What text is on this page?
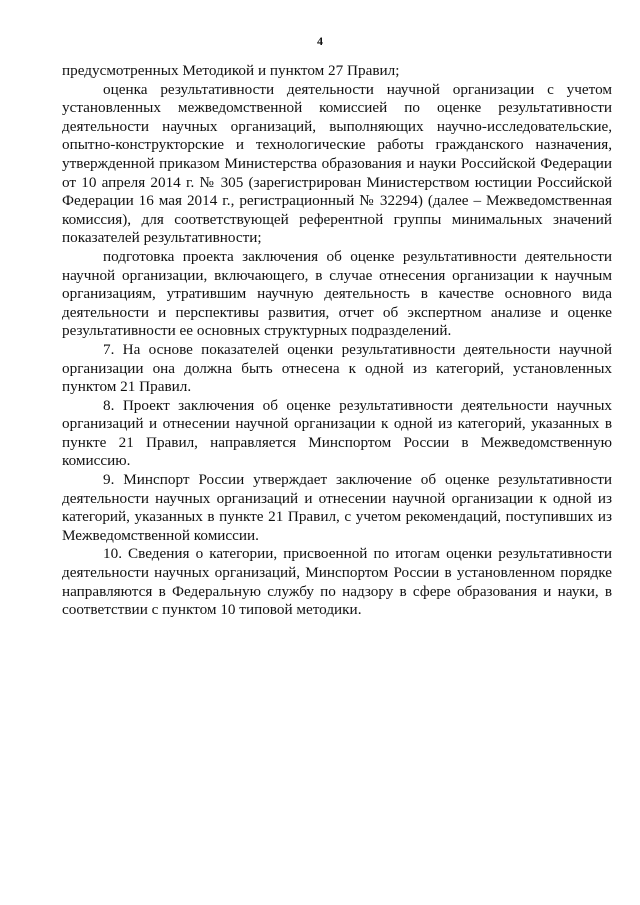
4

предусмотренных Методикой и пунктом 27 Правил;

оценка результативности деятельности научной организации с учетом установленных межведомственной комиссией по оценке результативности деятельности научных организаций, выполняющих научно-исследовательские, опытно-конструкторские и технологические работы гражданского назначения, утвержденной приказом Министерства образования и науки Российской Федерации от 10 апреля 2014 г. № 305 (зарегистрирован Министерством юстиции Российской Федерации 16 мая 2014 г., регистрационный № 32294) (далее – Межведомственная комиссия), для соответствующей референтной группы минимальных значений показателей результативности;

подготовка проекта заключения об оценке результативности деятельности научной организации, включающего, в случае отнесения организации к научным организациям, утратившим научную деятельность в качестве основного вида деятельности и перспективы развития, отчет об экспертном анализе и оценке результативности ее основных структурных подразделений.

7. На основе показателей оценки результативности деятельности научной организации она должна быть отнесена к одной из категорий, установленных пунктом 21 Правил.

8. Проект заключения об оценке результативности деятельности научных организаций и отнесении научной организации к одной из категорий, указанных в пункте 21 Правил, направляется Минспортом России в Межведомственную комиссию.

9. Минспорт России утверждает заключение об оценке результативности деятельности научных организаций и отнесении научной организации к одной из категорий, указанных в пункте 21 Правил, с учетом рекомендаций, поступивших из Межведомственной комиссии.

10. Сведения о категории, присвоенной по итогам оценки результативности деятельности научных организаций, Минспортом России в установленном порядке направляются в Федеральную службу по надзору в сфере образования и науки, в соответствии с пунктом 10 типовой методики.
